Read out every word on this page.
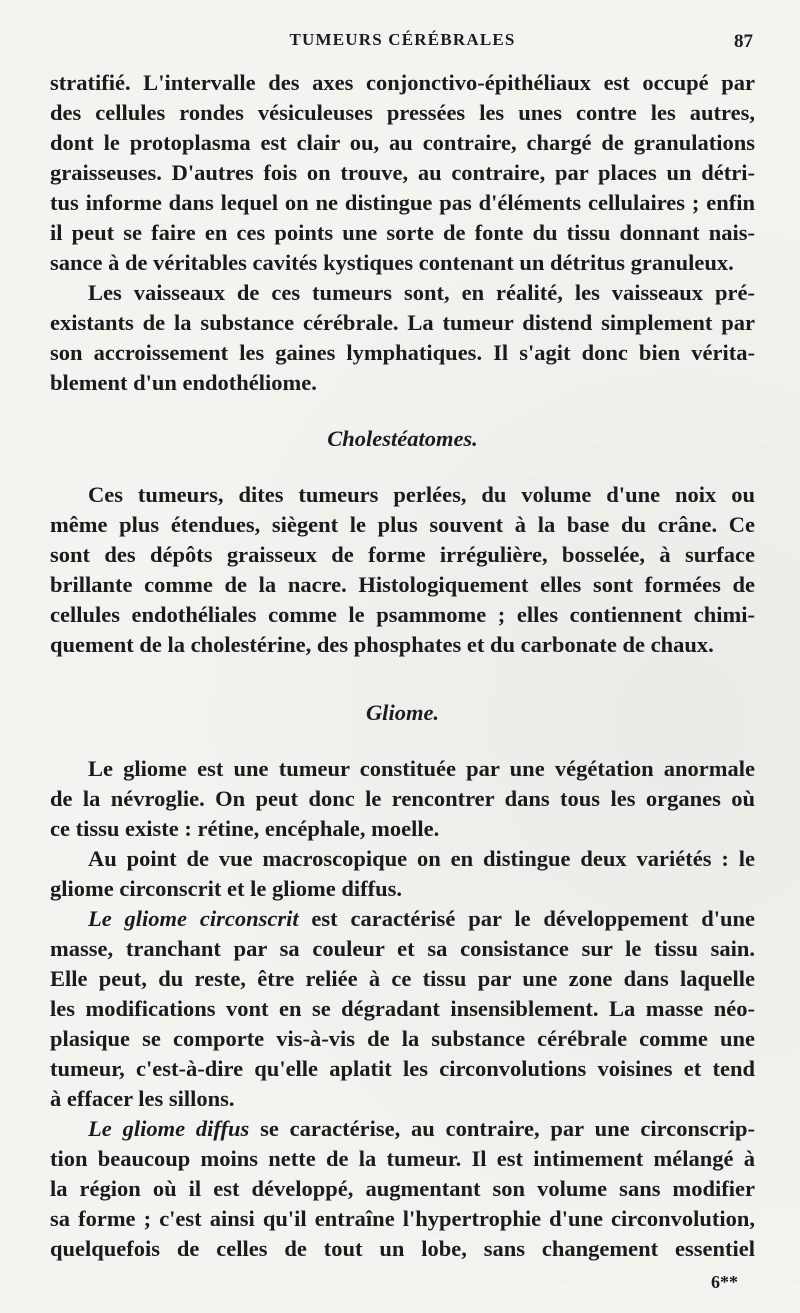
TUMEURS CÉRÉBRALES	87
stratifié. L'intervalle des axes conjonctivo-épithéliaux est occupé par
des cellules rondes vésiculeuses pressées les unes contre les autres,
dont le protoplasma est clair ou, au contraire, chargé de granulations
graisseuses. D'autres fois on trouve, au contraire, par places un détri-
tus informe dans lequel on ne distingue pas d'éléments cellulaires ; enfin
il peut se faire en ces points une sorte de fonte du tissu donnant nais-
sance à de véritables cavités kystiques contenant un détritus granuleux.
Les vaisseaux de ces tumeurs sont, en réalité, les vaisseaux pré-
existants de la substance cérébrale. La tumeur distend simplement par
son accroissement les gaines lymphatiques. Il s'agit donc bien vérita-
blement d'un endothéliome.
Cholestéatomes.
Ces tumeurs, dites tumeurs perlées, du volume d'une noix ou
même plus étendues, siègent le plus souvent à la base du crâne. Ce
sont des dépôts graisseux de forme irrégulière, bosselée, à surface
brillante comme de la nacre. Histologiquement elles sont formées de
cellules endothéliales comme le psammome ; elles contiennent chimi-
quement de la cholestérine, des phosphates et du carbonate de chaux.
Gliome.
Le gliome est une tumeur constituée par une végétation anormale
de la névroglie. On peut donc le rencontrer dans tous les organes où
ce tissu existe : rétine, encéphale, moelle.
Au point de vue macroscopique on en distingue deux variétés : le
gliome circonscrit et le gliome diffus.
Le gliome circonscrit est caractérisé par le développement d'une
masse, tranchant par sa couleur et sa consistance sur le tissu sain.
Elle peut, du reste, être reliée à ce tissu par une zone dans laquelle
les modifications vont en se dégradant insensiblement. La masse néo-
plasique se comporte vis-à-vis de la substance cérébrale comme une
tumeur, c'est-à-dire qu'elle aplatit les circonvolutions voisines et tend
à effacer les sillons.
Le gliome diffus se caractérise, au contraire, par une circonscrip-
tion beaucoup moins nette de la tumeur. Il est intimement mélangé à
la région où il est développé, augmentant son volume sans modifier
sa forme ; c'est ainsi qu'il entraîne l'hypertrophie d'une circonvolution,
quelquefois de celles de tout un lobe, sans changement essentiel
6**
